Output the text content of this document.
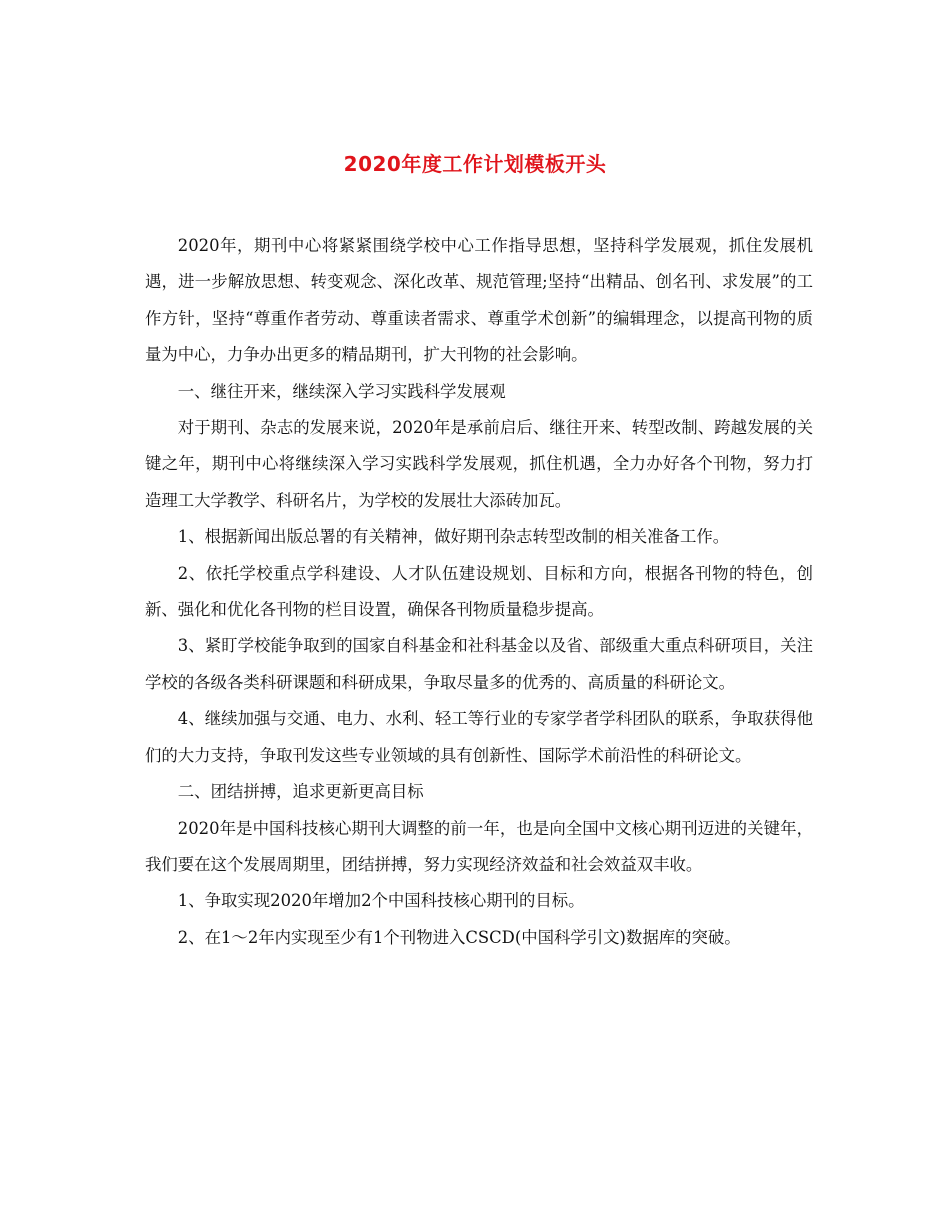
2020年度工作计划模板开头

2020年，期刊中心将紧紧围绕学校中心工作指导思想，坚持科学发展观，抓住发展机遇，进一步解放思想、转变观念、深化改革、规范管理;坚持“出精品、创名刊、求发展”的工作方针，坚持“尊重作者劳动、尊重读者需求、尊重学术创新”的编辑理念，以提高刊物的质量为中心，力争办出更多的精品期刊，扩大刊物的社会影响。

一、继往开来，继续深入学习实践科学发展观

对于期刊、杂志的发展来说，2020年是承前启后、继往开来、转型改制、跨越发展的关键之年，期刊中心将继续深入学习实践科学发展观，抓住机遇，全力办好各个刊物，努力打造理工大学教学、科研名片，为学校的发展壮大添砖加瓦。

1、根据新闻出版总署的有关精神，做好期刊杂志转型改制的相关准备工作。

2、依托学校重点学科建设、人才队伍建设规划、目标和方向，根据各刊物的特色，创新、强化和优化各刊物的栏目设置，确保各刊物质量稳步提高。

3、紧盯学校能争取到的国家自科基金和社科基金以及省、部级重大重点科研项目，关注学校的各级各类科研课题和科研成果，争取尽量多的优秀的、高质量的科研论文。

4、继续加强与交通、电力、水利、轻工等行业的专家学者学科团队的联系，争取获得他们的大力支持，争取刊发这些专业领域的具有创新性、国际学术前沿性的科研论文。

二、团结拼搏，追求更新更高目标

2020年是中国科技核心期刊大调整的前一年，也是向全国中文核心期刊迈进的关键年，我们要在这个发展周期里，团结拼搏，努力实现经济效益和社会效益双丰收。

1、争取实现2020年增加2个中国科技核心期刊的目标。

2、在1～2年内实现至少有1个刊物进入CSCD(中国科学引文)数据库的突破。
